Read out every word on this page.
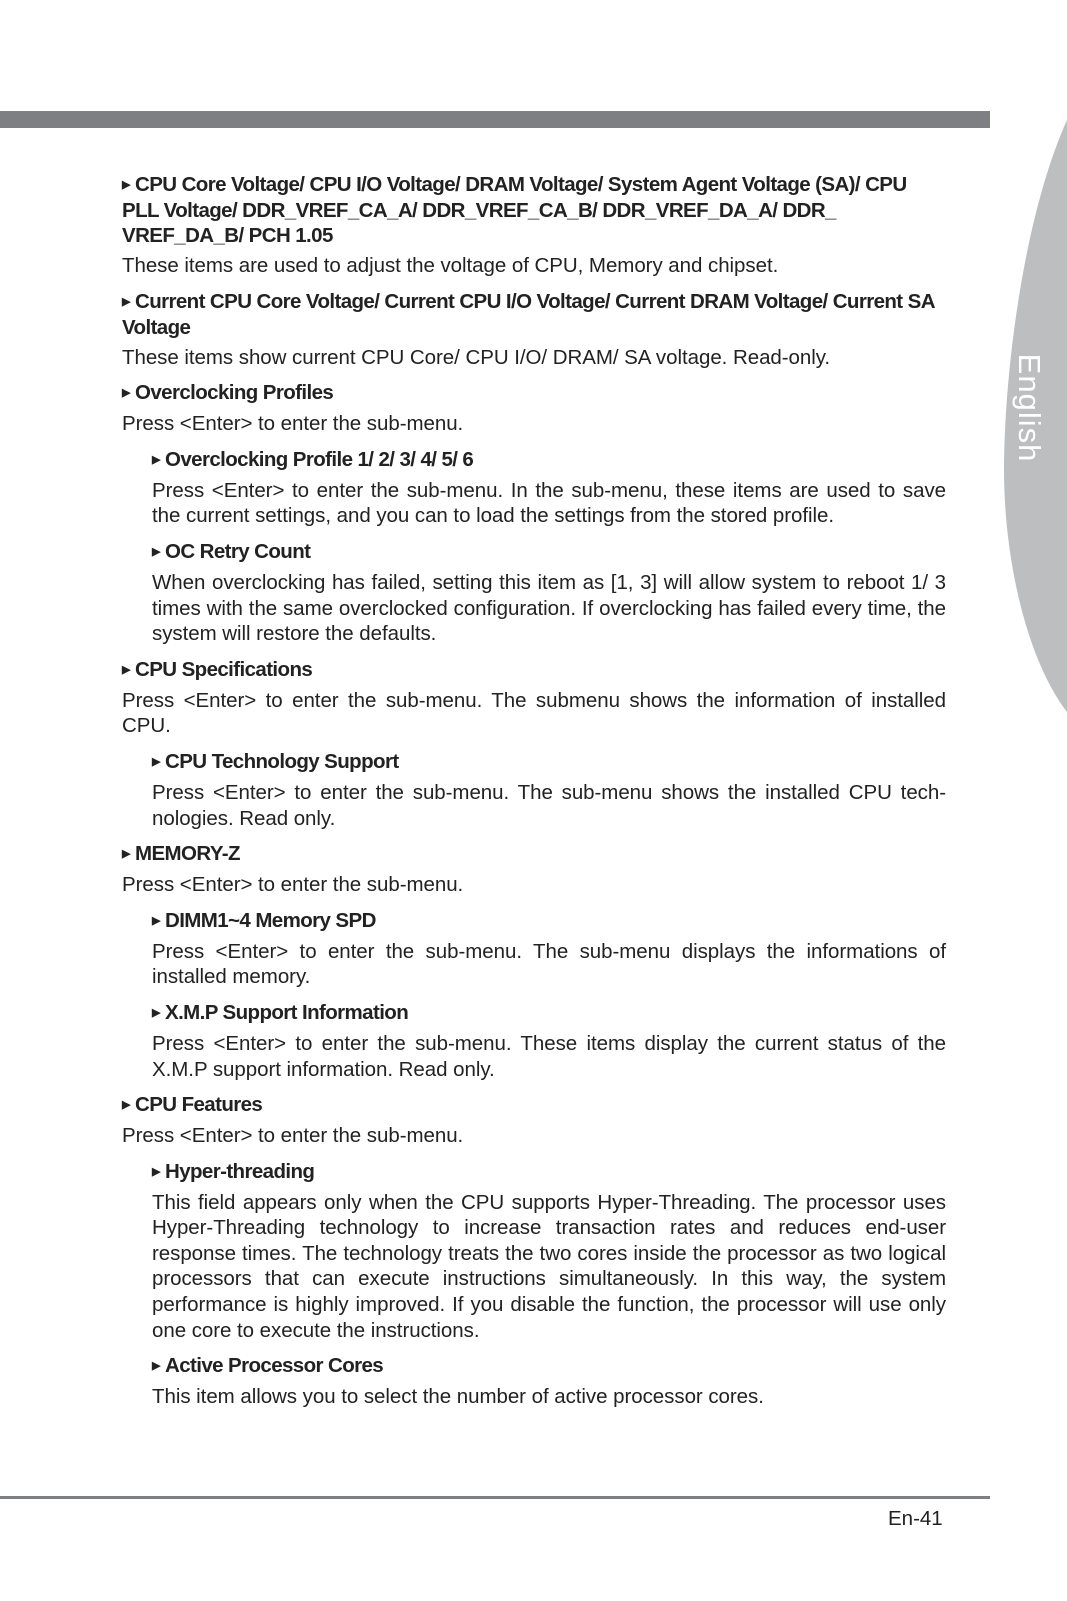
English
▶ CPU Core Voltage/ CPU I/O Voltage/ DRAM Voltage/ System Agent Voltage (SA)/ CPU PLL Voltage/ DDR_VREF_CA_A/ DDR_VREF_CA_B/ DDR_VREF_DA_A/ DDR_ VREF_DA_B/ PCH 1.05
These items are used to adjust the voltage of CPU, Memory and chipset.
▶ Current CPU Core Voltage/ Current CPU I/O Voltage/ Current DRAM Voltage/ Current SA Voltage
These items show current CPU Core/ CPU I/O/ DRAM/ SA voltage. Read-only.
▶ Overclocking Profiles
Press <Enter> to enter the sub-menu.
▶ Overclocking Profile 1/ 2/ 3/ 4/ 5/ 6
Press <Enter> to enter the sub-menu. In the sub-menu, these items are used to save the current settings, and you can to load the settings from the stored profile.
▶ OC Retry Count
When overclocking has failed, setting this item as [1, 3] will allow system to reboot 1/ 3 times with the same overclocked configuration. If overclocking has failed every time, the system will restore the defaults.
▶ CPU Specifications
Press <Enter> to enter the sub-menu. The submenu shows the information of installed CPU.
▶ CPU Technology Support
Press <Enter> to enter the sub-menu. The sub-menu shows the installed CPU tech-nologies. Read only.
▶ MEMORY-Z
Press <Enter> to enter the sub-menu.
▶ DIMM1~4 Memory SPD
Press <Enter> to enter the sub-menu. The sub-menu displays the informations of installed memory.
▶ X.M.P Support Information
Press <Enter> to enter the sub-menu. These items display the current status of the X.M.P support information. Read only.
▶ CPU Features
Press <Enter> to enter the sub-menu.
▶ Hyper-threading
This field appears only when the CPU supports Hyper-Threading. The processor uses Hyper-Threading technology to increase transaction rates and reduces end-user response times. The technology treats the two cores inside the processor as two logical processors that can execute instructions simultaneously. In this way, the system performance is highly improved. If you disable the function, the processor will use only one core to execute the instructions.
▶ Active Processor Cores
This item allows you to select the number of active processor cores.
En-41
